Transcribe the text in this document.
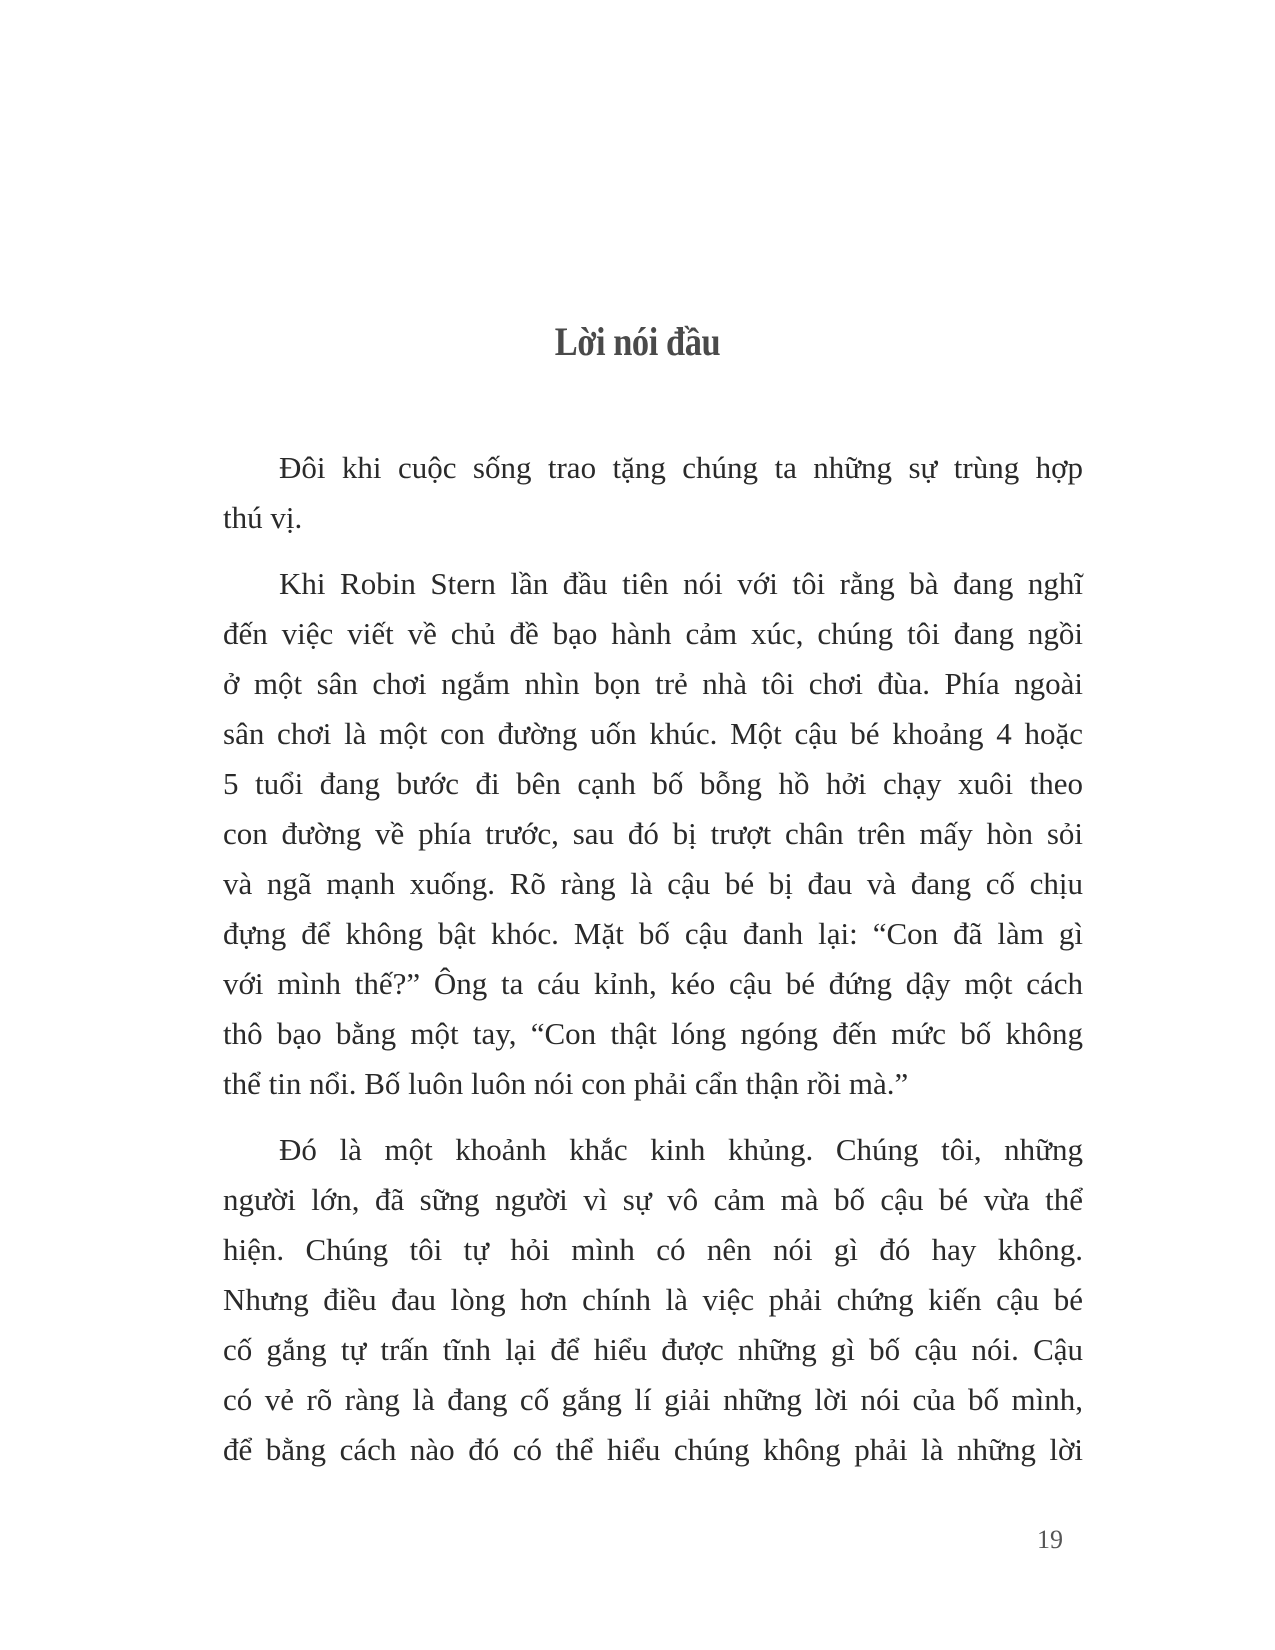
Lời nói đầu

Đôi khi cuộc sống trao tặng chúng ta những sự trùng hợp
thú vị.

Khi Robin Stern lần đầu tiên nói với tôi rằng bà đang nghĩ
đến việc viết về chủ đề bạo hành cảm xúc, chúng tôi đang ngồi
ở một sân chơi ngắm nhìn bọn trẻ nhà tôi chơi đùa. Phía ngoài
sân chơi là một con đường uốn khúc. Một cậu bé khoảng 4 hoặc
5 tuổi đang bước đi bên cạnh bố bỗng hồ hởi chạy xuôi theo
con đường về phía trước, sau đó bị trượt chân trên mấy hòn sỏi
và ngã mạnh xuống. Rõ ràng là cậu bé bị đau và đang cố chịu
đựng để không bật khóc. Mặt bố cậu đanh lại: “Con đã làm gì
với mình thế?” Ông ta cáu kỉnh, kéo cậu bé đứng dậy một cách
thô bạo bằng một tay, “Con thật lóng ngóng đến mức bố không
thể tin nổi. Bố luôn luôn nói con phải cẩn thận rồi mà.”

Đó là một khoảnh khắc kinh khủng. Chúng tôi, những
người lớn, đã sững người vì sự vô cảm mà bố cậu bé vừa thể
hiện. Chúng tôi tự hỏi mình có nên nói gì đó hay không.
Nhưng điều đau lòng hơn chính là việc phải chứng kiến cậu bé
cố gắng tự trấn tĩnh lại để hiểu được những gì bố cậu nói. Cậu
có vẻ rõ ràng là đang cố gắng lí giải những lời nói của bố mình,
để bằng cách nào đó có thể hiểu chúng không phải là những lời

19
